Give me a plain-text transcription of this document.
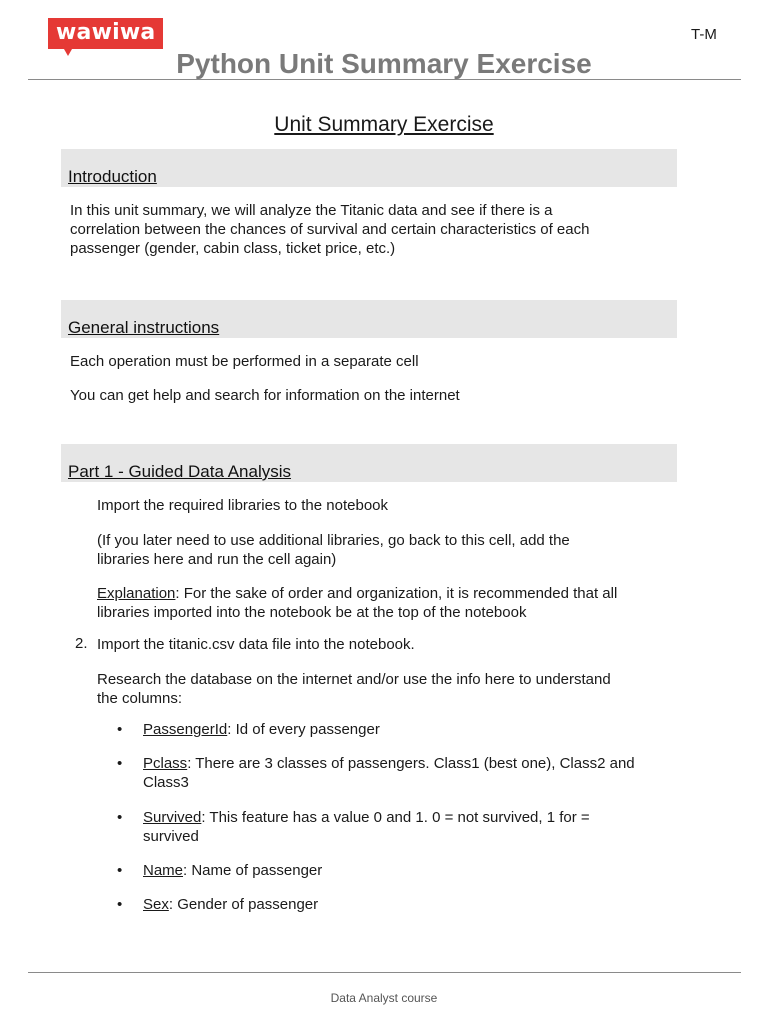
wawiwa	T-M
Python Unit Summary Exercise
Unit Summary Exercise
Introduction
In this unit summary, we will analyze the Titanic data and see if there is a
correlation between the chances of survival and certain characteristics of each
passenger (gender, cabin class, ticket price, etc.)
General instructions
Each operation must be performed in a separate cell
You can get help and search for information on the internet
Part 1 - Guided Data Analysis
Import the required libraries to the notebook
(If you later need to use additional libraries, go back to this cell, add the
libraries here and run the cell again)
Explanation: For the sake of order and organization, it is recommended that all
libraries imported into the notebook be at the top of the notebook
2. Import the titanic.csv data file into the notebook.
Research the database on the internet and/or use the info here to understand
the columns:
• PassengerId: Id of every passenger
• Pclass: There are 3 classes of passengers. Class1 (best one), Class2 and
Class3
• Survived: This feature has a value 0 and 1. 0 = not survived, 1 for =
survived
• Name: Name of passenger
• Sex: Gender of passenger
Data Analyst course
